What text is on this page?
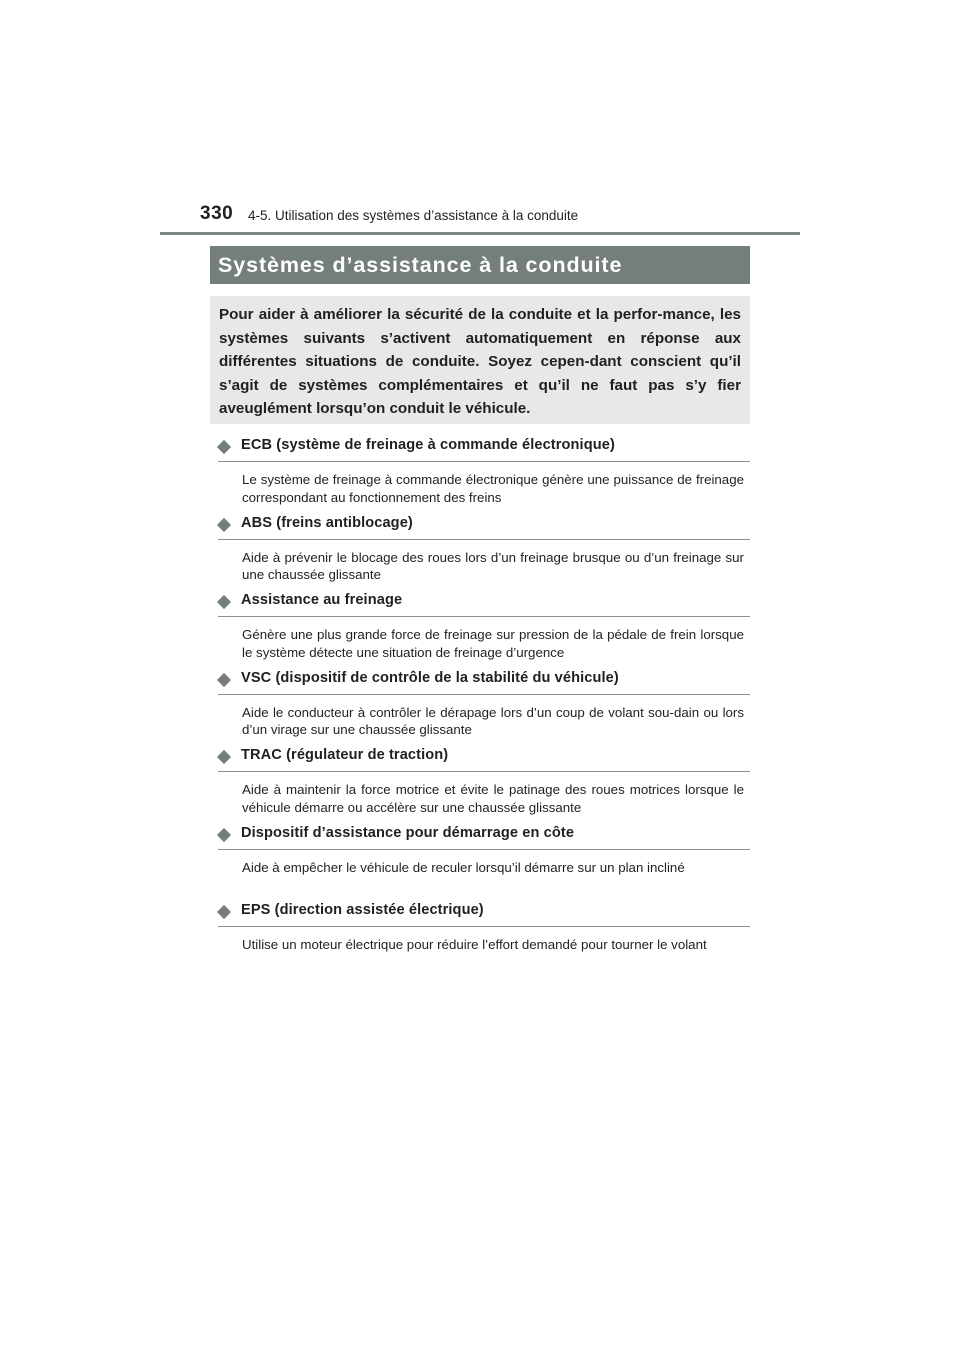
330 4-5. Utilisation des systèmes d’assistance à la conduite
Systèmes d’assistance à la conduite

Pour aider à améliorer la sécurité de la conduite et la perfor-mance, les systèmes suivants s’activent automatiquement en réponse aux différentes situations de conduite. Soyez cepen-dant conscient qu’il s’agit de systèmes complémentaires et qu’il ne faut pas s’y fier aveuglément lorsqu’on conduit le véhicule.

ECB (système de freinage à commande électronique)

Le système de freinage à commande électronique génère une puissance de freinage correspondant au fonctionnement des freins

ABS (freins antiblocage)

Aide à prévenir le blocage des roues lors d’un freinage brusque ou d’un freinage sur une chaussée glissante

Assistance au freinage

Génère une plus grande force de freinage sur pression de la pédale de frein lorsque le système détecte une situation de freinage d’urgence

VSC (dispositif de contrôle de la stabilité du véhicule)

Aide le conducteur à contrôler le dérapage lors d’un coup de volant sou-dain ou lors d’un virage sur une chaussée glissante

TRAC (régulateur de traction)

Aide à maintenir la force motrice et évite le patinage des roues motrices lorsque le véhicule démarre ou accélère sur une chaussée glissante

Dispositif d’assistance pour démarrage en côte

Aide à empêcher le véhicule de reculer lorsqu’il démarre sur un plan incliné

EPS (direction assistée électrique)

Utilise un moteur électrique pour réduire l’effort demandé pour tourner le volant
